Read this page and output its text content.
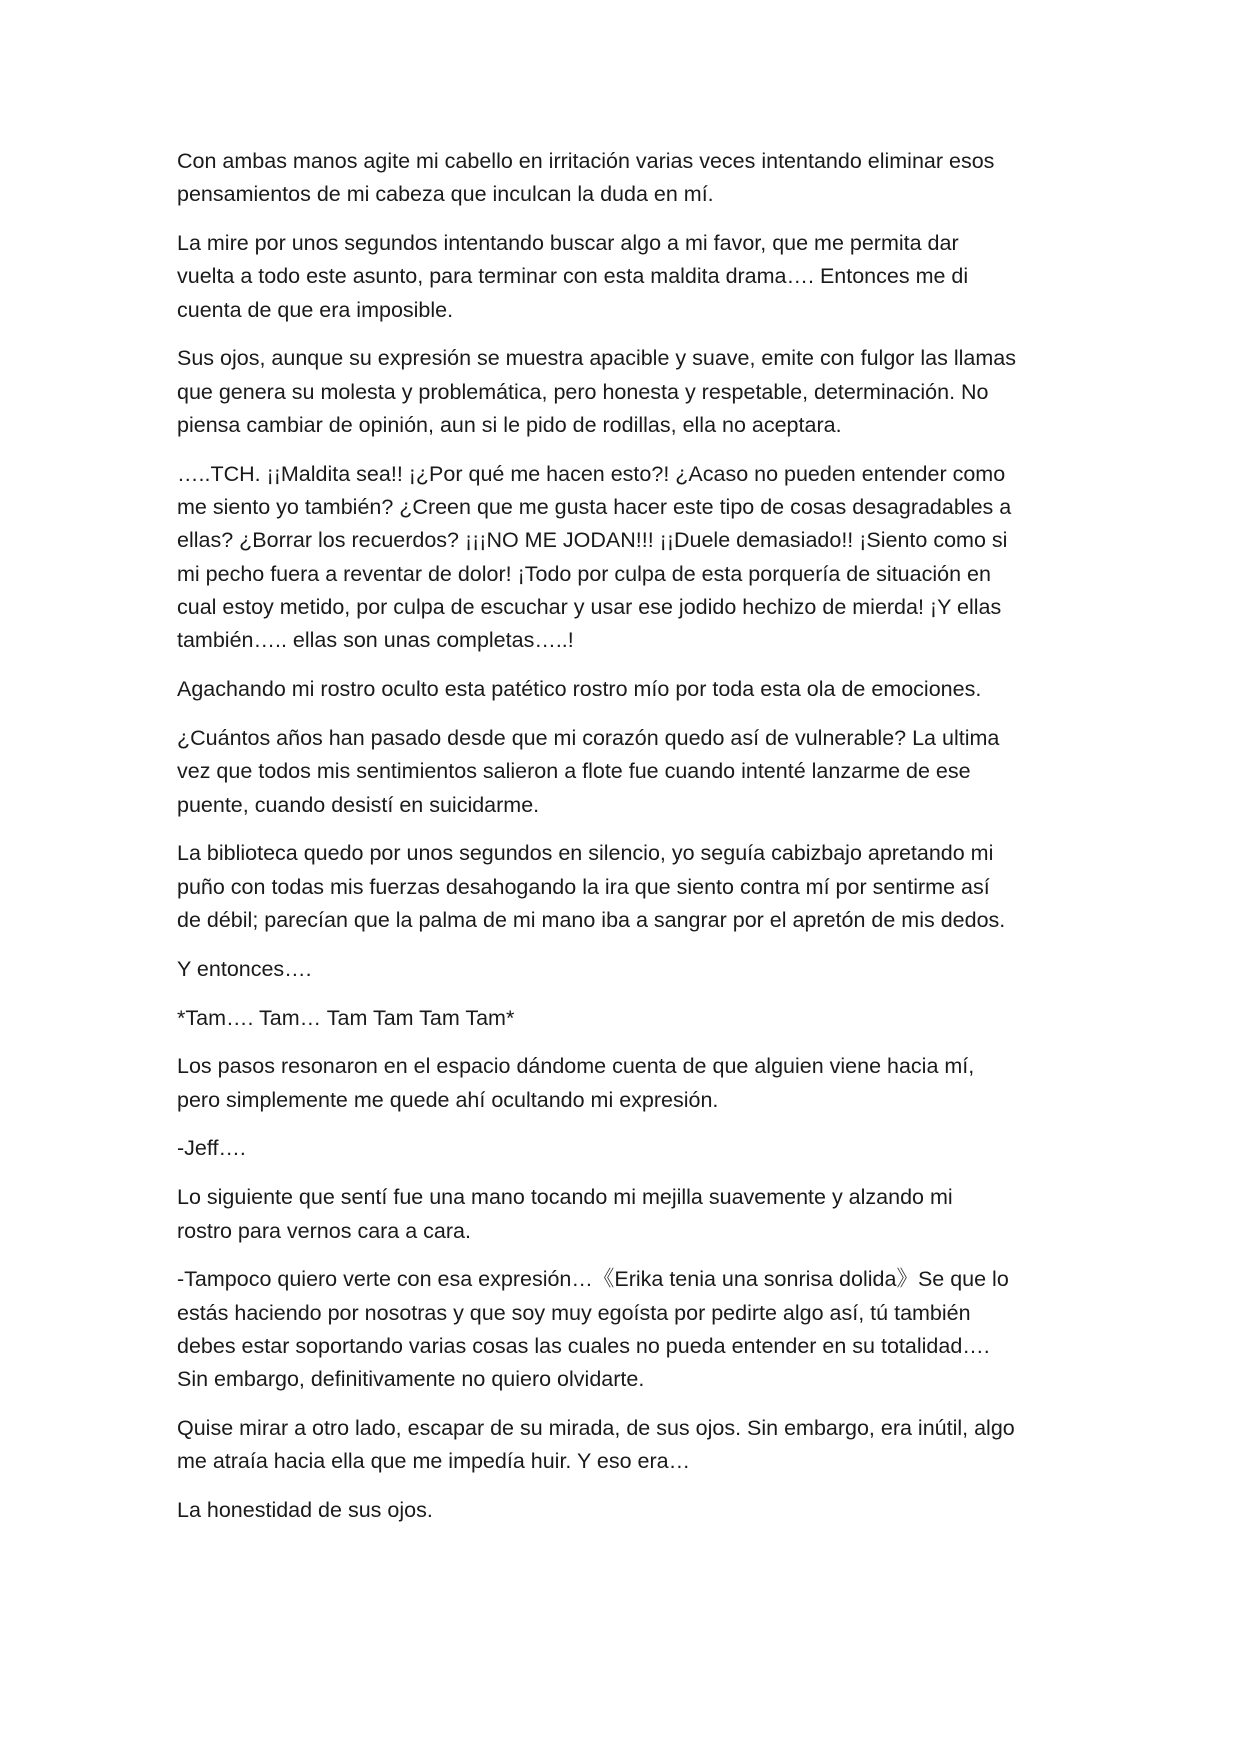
Con ambas manos agite mi cabello en irritación varias veces intentando eliminar esos
pensamientos de mi cabeza que inculcan la duda en mí.

La mire por unos segundos intentando buscar algo a mi favor, que me permita dar
vuelta a todo este asunto, para terminar con esta maldita drama…. Entonces me di
cuenta de que era imposible.

Sus ojos, aunque su expresión se muestra apacible y suave, emite con fulgor las llamas
que genera su molesta y problemática, pero honesta y respetable, determinación. No
piensa cambiar de opinión, aun si le pido de rodillas, ella no aceptara.

…..TCH. ¡¡Maldita sea!! ¡¿Por qué me hacen esto?! ¿Acaso no pueden entender como
me siento yo también? ¿Creen que me gusta hacer este tipo de cosas desagradables a
ellas? ¿Borrar los recuerdos? ¡¡¡NO ME JODAN!!! ¡¡Duele demasiado!! ¡Siento como si
mi pecho fuera a reventar de dolor! ¡Todo por culpa de esta porquería de situación en
cual estoy metido, por culpa de escuchar y usar ese jodido hechizo de mierda! ¡Y ellas
también….. ellas son unas completas…..!

Agachando mi rostro oculto esta patético rostro mío por toda esta ola de emociones.

¿Cuántos años han pasado desde que mi corazón quedo así de vulnerable? La ultima
vez que todos mis sentimientos salieron a flote fue cuando intenté lanzarme de ese
puente, cuando desistí en suicidarme.

La biblioteca quedo por unos segundos en silencio, yo seguía cabizbajo apretando mi
puño con todas mis fuerzas desahogando la ira que siento contra mí por sentirme así
de débil; parecían que la palma de mi mano iba a sangrar por el apretón de mis dedos.

Y entonces….

*Tam…. Tam… Tam Tam Tam Tam*

Los pasos resonaron en el espacio dándome cuenta de que alguien viene hacia mí,
pero simplemente me quede ahí ocultando mi expresión.

-Jeff….

Lo siguiente que sentí fue una mano tocando mi mejilla suavemente y alzando mi
rostro para vernos cara a cara.

-Tampoco quiero verte con esa expresión…《Erika tenia una sonrisa dolida》Se que lo
estás haciendo por nosotras y que soy muy egoísta por pedirte algo así, tú también
debes estar soportando varias cosas las cuales no pueda entender en su totalidad….
Sin embargo, definitivamente no quiero olvidarte.

Quise mirar a otro lado, escapar de su mirada, de sus ojos. Sin embargo, era inútil, algo
me atraía hacia ella que me impedía huir. Y eso era…

La honestidad de sus ojos.
